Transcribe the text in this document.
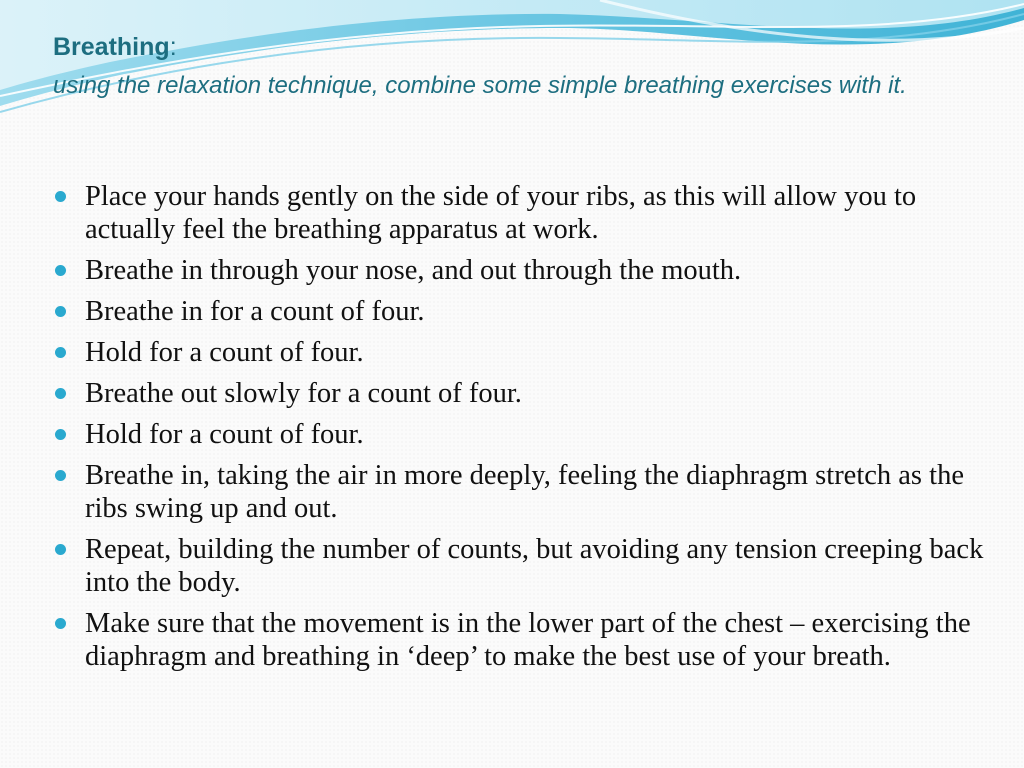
Breathing:

using the relaxation technique, combine some simple breathing exercises with it.

Place your hands gently on the side of your ribs, as this will allow you to actually feel the breathing apparatus at work.
Breathe in through your nose, and out through the mouth.
Breathe in for a count of four.
Hold for a count of four.
Breathe out slowly for a count of four.
Hold for a count of four.
Breathe in, taking the air in more deeply, feeling the diaphragm stretch as the ribs swing up and out.
Repeat, building the number of counts, but avoiding any tension creeping back into the body.
Make sure that the movement is in the lower part of the chest – exercising the diaphragm and breathing in ‘deep’ to make the best use of your breath.
